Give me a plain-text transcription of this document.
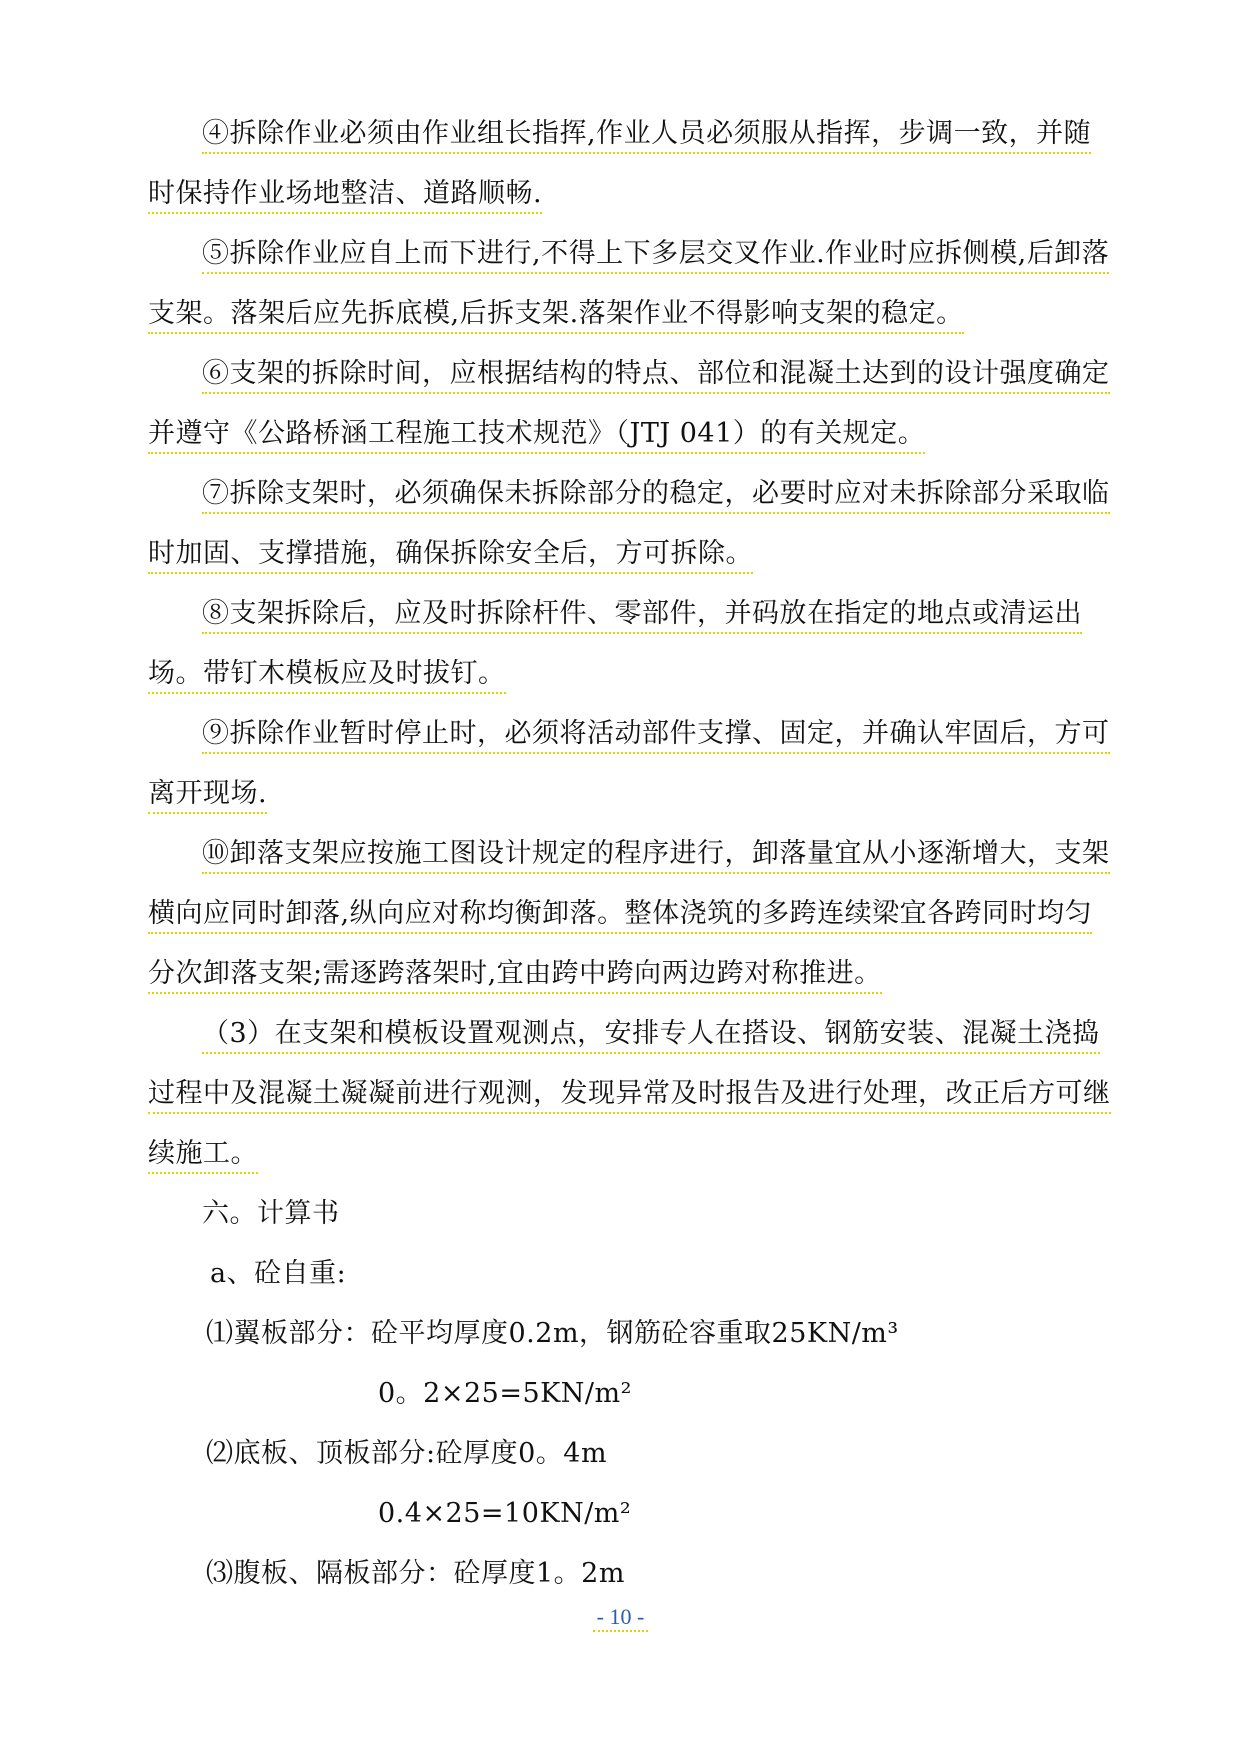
④拆除作业必须由作业组长指挥,作业人员必须服从指挥，步调一致，并随时保持作业场地整洁、道路顺畅.

⑤拆除作业应自上而下进行,不得上下多层交叉作业.作业时应拆侧模,后卸落支架。落架后应先拆底模,后拆支架.落架作业不得影响支架的稳定。

⑥支架的拆除时间，应根据结构的特点、部位和混凝土达到的设计强度确定并遵守《公路桥涵工程施工技术规范》（JTJ 041）的有关规定。

⑦拆除支架时，必须确保未拆除部分的稳定，必要时应对未拆除部分采取临时加固、支撑措施，确保拆除安全后，方可拆除。

⑧支架拆除后，应及时拆除杆件、零部件，并码放在指定的地点或清运出场。带钉木模板应及时拔钉。

⑨拆除作业暂时停止时，必须将活动部件支撑、固定，并确认牢固后，方可离开现场.

⑩卸落支架应按施工图设计规定的程序进行，卸落量宜从小逐渐增大，支架横向应同时卸落,纵向应对称均衡卸落。整体浇筑的多跨连续梁宜各跨同时均匀分次卸落支架;需逐跨落架时,宜由跨中跨向两边跨对称推进。

（3）在支架和模板设置观测点，安排专人在搭设、钢筋安装、混凝土浇捣过程中及混凝土凝凝前进行观测，发现异常及时报告及进行处理，改正后方可继续施工。

六。计算书

a、砼自重:

⑴翼板部分：砼平均厚度0.2m，钢筋砼容重取25KN/m³

0。2×25=5KN/m²

⑵底板、顶板部分:砼厚度0。4m

0.4×25=10KN/m²

⑶腹板、隔板部分：砼厚度1。2m

- 10 -
